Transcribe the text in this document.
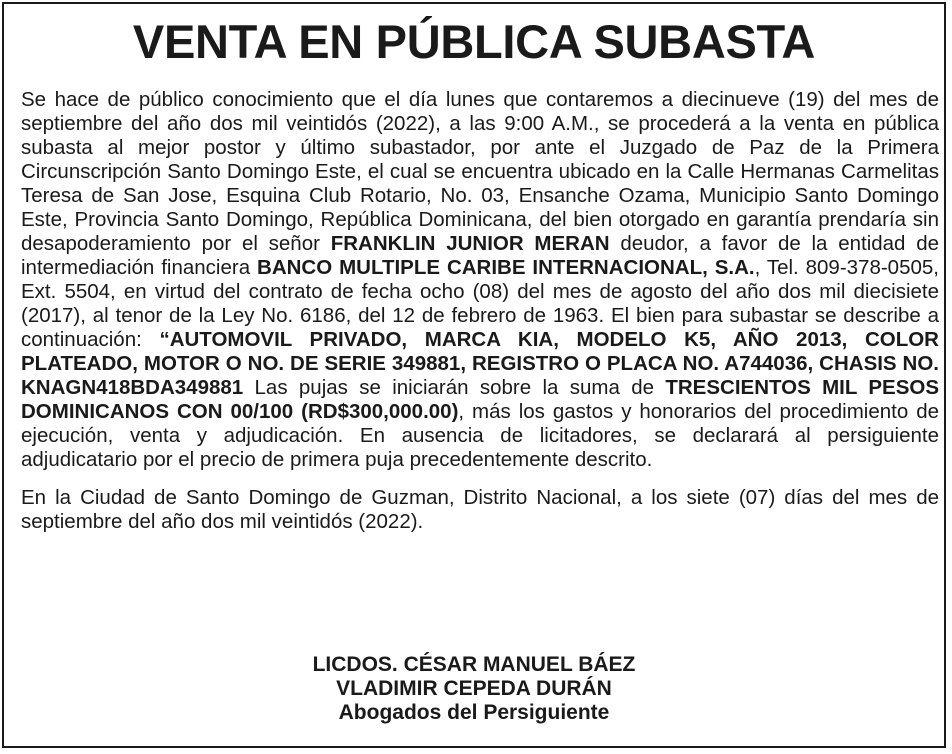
VENTA EN PÚBLICA SUBASTA

Se hace de público conocimiento que el día lunes que contaremos a diecinueve (19) del mes de septiembre del año dos mil veintidós (2022), a las 9:00 A.M., se procederá a la venta en pública subasta al mejor postor y último subastador, por ante el Juzgado de Paz de la Primera Circunscripción Santo Domingo Este, el cual se encuentra ubicado en la Calle Hermanas Carmelitas Teresa de San Jose, Esquina Club Rotario, No. 03, Ensanche Ozama, Municipio Santo Domingo Este, Provincia Santo Domingo, República Dominicana, del bien otorgado en garantía prendaría sin desapoderamiento por el señor FRANKLIN JUNIOR MERAN deudor, a favor de la entidad de intermediación financiera BANCO MULTIPLE CARIBE INTERNACIONAL, S.A., Tel. 809-378-0505, Ext. 5504, en virtud del contrato de fecha ocho (08) del mes de agosto del año dos mil diecisiete (2017), al tenor de la Ley No. 6186, del 12 de febrero de 1963. El bien para subastar se describe a continuación: “AUTOMOVIL PRIVADO, MARCA KIA, MODELO K5, AÑO 2013, COLOR PLATEADO, MOTOR O NO. DE SERIE 349881, REGISTRO O PLACA NO. A744036, CHASIS NO. KNAGN418BDA349881 Las pujas se iniciarán sobre la suma de TRESCIENTOS MIL PESOS DOMINICANOS CON 00/100 (RD$300,000.00), más los gastos y honorarios del procedimiento de ejecución, venta y adjudicación. En ausencia de licitadores, se declarará al persiguiente adjudicatario por el precio de primera puja precedentemente descrito.

En la Ciudad de Santo Domingo de Guzman, Distrito Nacional, a los siete (07) días del mes de septiembre del año dos mil veintidós (2022).

LICDOS. CÉSAR MANUEL BÁEZ
VLADIMIR CEPEDA DURÁN
Abogados del Persiguiente
